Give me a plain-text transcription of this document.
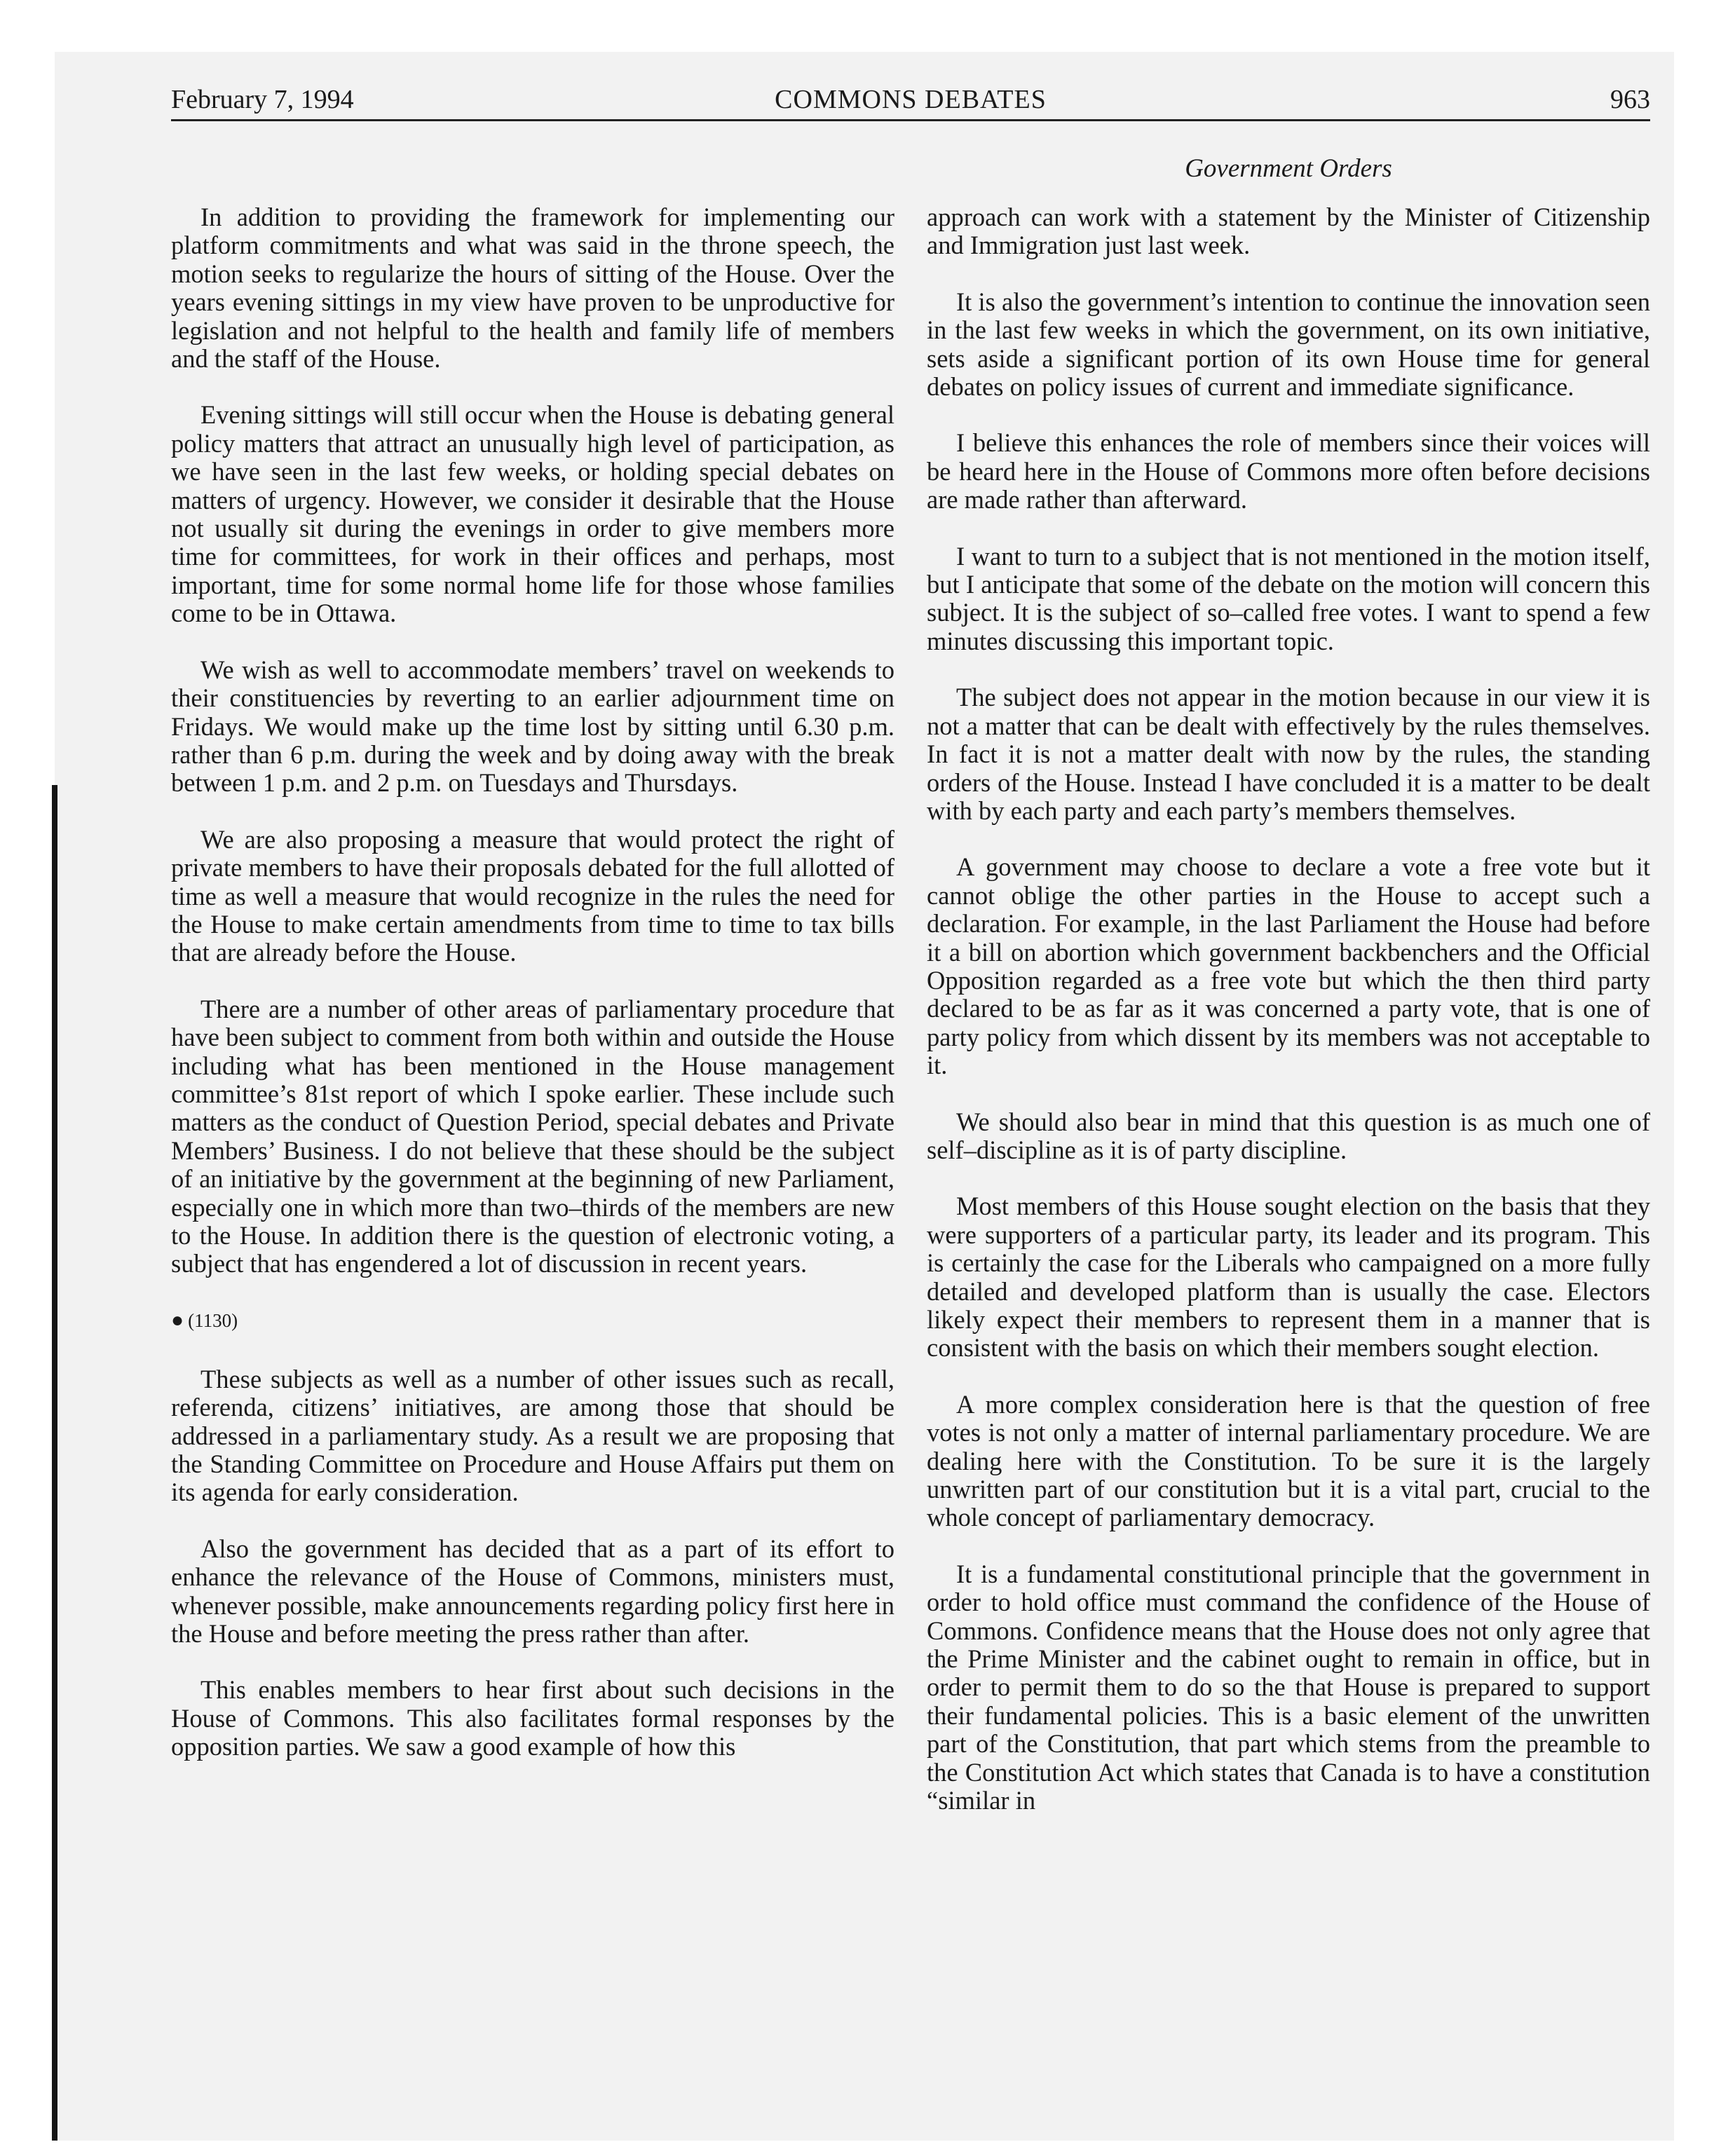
February 7, 1994	COMMONS DEBATES	963
Government Orders

In addition to providing the framework for implementing our platform commitments and what was said in the throne speech, the motion seeks to regularize the hours of sitting of the House. Over the years evening sittings in my view have proven to be unproductive for legislation and not helpful to the health and family life of members and the staff of the House.

Evening sittings will still occur when the House is debating general policy matters that attract an unusually high level of participation, as we have seen in the last few weeks, or holding special debates on matters of urgency. However, we consider it desirable that the House not usually sit during the evenings in order to give members more time for committees, for work in their offices and perhaps, most important, time for some normal home life for those whose families come to be in Ottawa.

We wish as well to accommodate members’ travel on weekends to their constituencies by reverting to an earlier adjournment time on Fridays. We would make up the time lost by sitting until 6.30 p.m. rather than 6 p.m. during the week and by doing away with the break between 1 p.m. and 2 p.m. on Tuesdays and Thursdays.

We are also proposing a measure that would protect the right of private members to have their proposals debated for the full allotted of time as well a measure that would recognize in the rules the need for the House to make certain amendments from time to time to tax bills that are already before the House.

There are a number of other areas of parliamentary procedure that have been subject to comment from both within and outside the House including what has been mentioned in the House management committee’s 81st report of which I spoke earlier. These include such matters as the conduct of Question Period, special debates and Private Members’ Business. I do not believe that these should be the subject of an initiative by the government at the beginning of new Parliament, especially one in which more than two–thirds of the members are new to the House. In addition there is the question of electronic voting, a subject that has engendered a lot of discussion in recent years.

● (1130)

These subjects as well as a number of other issues such as recall, referenda, citizens’ initiatives, are among those that should be addressed in a parliamentary study. As a result we are proposing that the Standing Committee on Procedure and House Affairs put them on its agenda for early consideration.

Also the government has decided that as a part of its effort to enhance the relevance of the House of Commons, ministers must, whenever possible, make announcements regarding policy first here in the House and before meeting the press rather than after.

This enables members to hear first about such decisions in the House of Commons. This also facilitates formal responses by the opposition parties. We saw a good example of how this

approach can work with a statement by the Minister of Citizenship and Immigration just last week.

It is also the government’s intention to continue the innovation seen in the last few weeks in which the government, on its own initiative, sets aside a significant portion of its own House time for general debates on policy issues of current and immediate significance.

I believe this enhances the role of members since their voices will be heard here in the House of Commons more often before decisions are made rather than afterward.

I want to turn to a subject that is not mentioned in the motion itself, but I anticipate that some of the debate on the motion will concern this subject. It is the subject of so–called free votes. I want to spend a few minutes discussing this important topic.

The subject does not appear in the motion because in our view it is not a matter that can be dealt with effectively by the rules themselves. In fact it is not a matter dealt with now by the rules, the standing orders of the House. Instead I have concluded it is a matter to be dealt with by each party and each party’s members themselves.

A government may choose to declare a vote a free vote but it cannot oblige the other parties in the House to accept such a declaration. For example, in the last Parliament the House had before it a bill on abortion which government backbenchers and the Official Opposition regarded as a free vote but which the then third party declared to be as far as it was concerned a party vote, that is one of party policy from which dissent by its members was not acceptable to it.

We should also bear in mind that this question is as much one of self–discipline as it is of party discipline.

Most members of this House sought election on the basis that they were supporters of a particular party, its leader and its program. This is certainly the case for the Liberals who campaigned on a more fully detailed and developed platform than is usually the case. Electors likely expect their members to represent them in a manner that is consistent with the basis on which their members sought election.

A more complex consideration here is that the question of free votes is not only a matter of internal parliamentary procedure. We are dealing here with the Constitution. To be sure it is the largely unwritten part of our constitution but it is a vital part, crucial to the whole concept of parliamentary democracy.

It is a fundamental constitutional principle that the government in order to hold office must command the confidence of the House of Commons. Confidence means that the House does not only agree that the Prime Minister and the cabinet ought to remain in office, but in order to permit them to do so the that House is prepared to support their fundamental policies. This is a basic element of the unwritten part of the Constitution, that part which stems from the preamble to the Constitution Act which states that Canada is to have a constitution “similar in
